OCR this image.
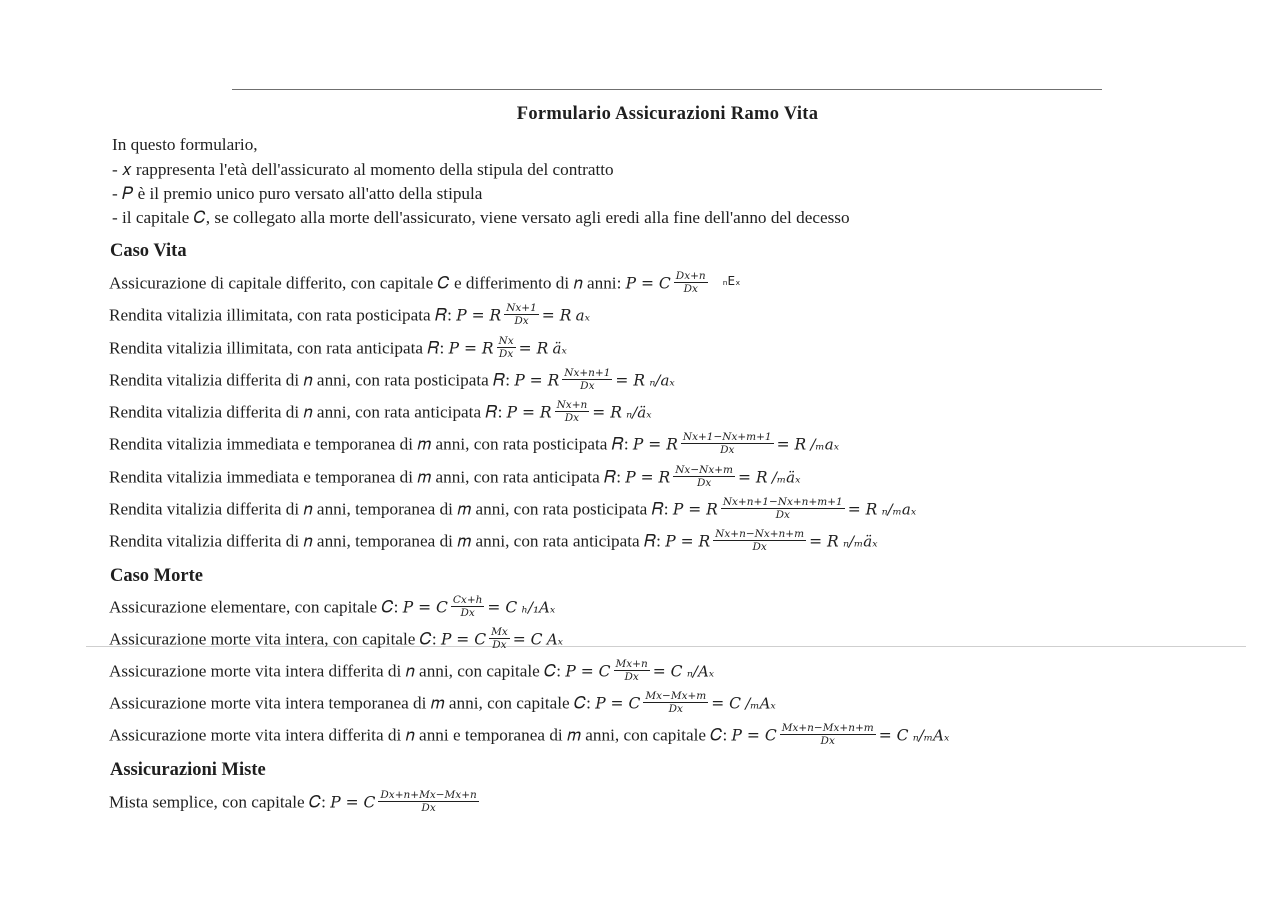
Formulario Assicurazioni Ramo Vita
In questo formulario,
- 𝑥 rappresenta l'età dell'assicurato al momento della stipula del contratto
- 𝑃 è il premio unico puro versato all'atto della stipula
- il capitale 𝐶, se collegato alla morte dell'assicurato, viene versato agli eredi alla fine dell'anno del decesso
Caso Vita
Assicurazione di capitale differito, con capitale 𝐶 e differimento di 𝑛 anni: P = C $\frac{Dx+n}{Dx}$ ₙEₓ
Rendita vitalizia illimitata, con rata posticipata 𝑅: P = R $\frac{Nx+1}{Dx} = R$ aₓ
Rendita vitalizia illimitata, con rata anticipata 𝑅: P = R $\frac{Nx}{Dx} = R$ äₓ
Rendita vitalizia differita di 𝑛 anni, con rata posticipata 𝑅: P = R $\frac{Nx+n+1}{Dx} = R$ ₙ/aₓ
Rendita vitalizia differita di 𝑛 anni, con rata anticipata 𝑅: P = R $\frac{Nx+n}{Dx} = R$ ₙ/äₓ
Rendita vitalizia immediata e temporanea di 𝑚 anni, con rata posticipata 𝑅: P = R $\frac{Nx+1-Nx+m+1}{Dx} = R$ /ₘaₓ
Rendita vitalizia immediata e temporanea di 𝑚 anni, con rata anticipata 𝑅: P = R $\frac{Nx-Nx+m}{Dx} = R$ /ₘäₓ
Rendita vitalizia differita di 𝑛 anni, temporanea di 𝑚 anni, con rata posticipata 𝑅: P = R $\frac{Nx+n+1-Nx+n+m+1}{Dx} = R$ ₙ/ₘaₓ
Rendita vitalizia differita di 𝑛 anni, temporanea di 𝑚 anni, con rata anticipata 𝑅: P = R $\frac{Nx+n-Nx+n+m}{Dx} = R$ ₙ/ₘäₓ
Assicurazione elementare, con capitale 𝐶: P = C $\frac{Cx+h}{Dx} = C$ ₕ/₁Aₓ
Assicurazione morte vita intera, con capitale 𝐶: P = C $\frac{Mx}{Dx} = C$ Aₓ
Assicurazione morte vita intera differita di 𝑛 anni, con capitale 𝐶: P = C $\frac{Mx+n}{Dx} = C$ ₙ/Aₓ
Assicurazione morte vita intera temporanea di 𝑚 anni, con capitale 𝐶: P = C $\frac{Mx-Mx+m}{Dx} = C$ /ₘAₓ
Assicurazione morte vita intera differita di 𝑛 anni e temporanea di 𝑚 anni, con capitale 𝐶: P = C $\frac{Mx+n-Mx+n+m}{Dx} = C$ ₙ/ₘAₓ
Mista semplice, con capitale 𝐶: P = C $\frac{Dx+n+Mx-Mx+n}{Dx}$
Caso Morte
Assicurazioni Miste
